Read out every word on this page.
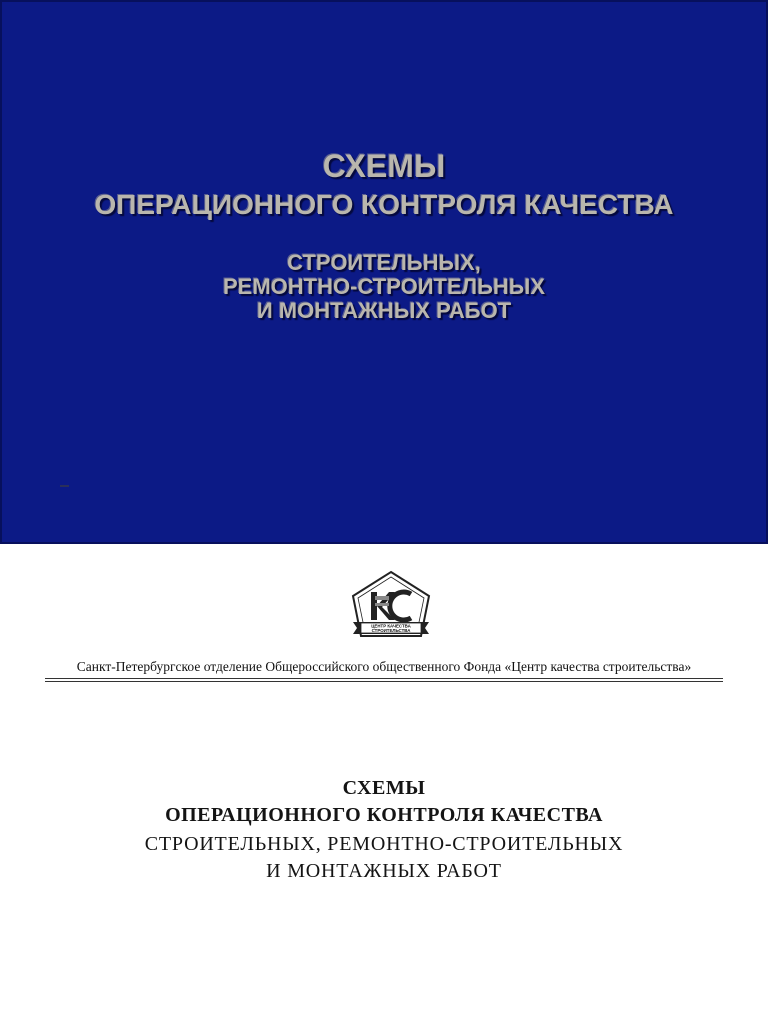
СХЕМЫ
ОПЕРАЦИОННОГО КОНТРОЛЯ КАЧЕСТВА
СТРОИТЕЛЬНЫХ,
РЕМОНТНО-СТРОИТЕЛЬНЫХ
И МОНТАЖНЫХ РАБОТ
ЦЕНТР КАЧЕСТВА
СТРОИТЕЛЬСТВА
Санкт-Петербургское отделение Общероссийского общественного Фонда «Центр качества строительства»
СХЕМЫ
ОПЕРАЦИОННОГО КОНТРОЛЯ КАЧЕСТВА
СТРОИТЕЛЬНЫХ, РЕМОНТНО-СТРОИТЕЛЬНЫХ
И МОНТАЖНЫХ РАБОТ
